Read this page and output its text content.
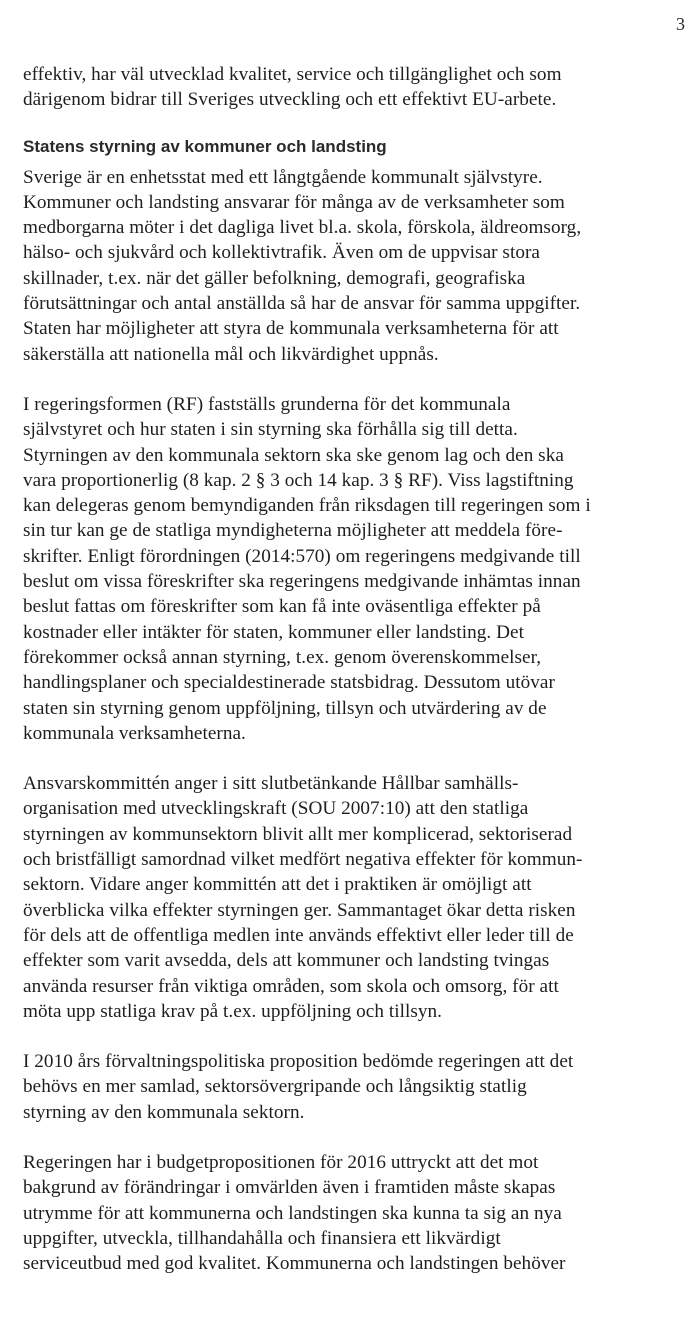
3

effektiv, har väl utvecklad kvalitet, service och tillgänglighet och som
därigenom bidrar till Sveriges utveckling och ett effektivt EU-arbete.

Statens styrning av kommuner och landsting

Sverige är en enhetsstat med ett långtgående kommunalt självstyre.
Kommuner och landsting ansvarar för många av de verksamheter som
medborgarna möter i det dagliga livet bl.a. skola, förskola, äldreomsorg,
hälso- och sjukvård och kollektivtrafik. Även om de uppvisar stora
skillnader, t.ex. när det gäller befolkning, demografi, geografiska
förutsättningar och antal anställda så har de ansvar för samma uppgifter.
Staten har möjligheter att styra de kommunala verksamheterna för att
säkerställa att nationella mål och likvärdighet uppnås.

I regeringsformen (RF) fastställs grunderna för det kommunala
självstyret och hur staten i sin styrning ska förhålla sig till detta.
Styrningen av den kommunala sektorn ska ske genom lag och den ska
vara proportionerlig (8 kap. 2 § 3 och 14 kap. 3 § RF). Viss lagstiftning
kan delegeras genom bemyndiganden från riksdagen till regeringen som i
sin tur kan ge de statliga myndigheterna möjligheter att meddela före-
skrifter. Enligt förordningen (2014:570) om regeringens medgivande till
beslut om vissa föreskrifter ska regeringens medgivande inhämtas innan
beslut fattas om föreskrifter som kan få inte oväsentliga effekter på
kostnader eller intäkter för staten, kommuner eller landsting. Det
förekommer också annan styrning, t.ex. genom överenskommelser,
handlingsplaner och specialdestinerade statsbidrag. Dessutom utövar
staten sin styrning genom uppföljning, tillsyn och utvärdering av de
kommunala verksamheterna.

Ansvarskommittén anger i sitt slutbetänkande Hållbar samhälls-
organisation med utvecklingskraft (SOU 2007:10) att den statliga
styrningen av kommunsektorn blivit allt mer komplicerad, sektoriserad
och bristfälligt samordnad vilket medfört negativa effekter för kommun-
sektorn. Vidare anger kommittén att det i praktiken är omöjligt att
överblicka vilka effekter styrningen ger. Sammantaget ökar detta risken
för dels att de offentliga medlen inte används effektivt eller leder till de
effekter som varit avsedda, dels att kommuner och landsting tvingas
använda resurser från viktiga områden, som skola och omsorg, för att
möta upp statliga krav på t.ex. uppföljning och tillsyn.

I 2010 års förvaltningspolitiska proposition bedömde regeringen att det
behövs en mer samlad, sektorsövergripande och långsiktig statlig
styrning av den kommunala sektorn.

Regeringen har i budgetpropositionen för 2016 uttryckt att det mot
bakgrund av förändringar i omvärlden även i framtiden måste skapas
utrymme för att kommunerna och landstingen ska kunna ta sig an nya
uppgifter, utveckla, tillhandahålla och finansiera ett likvärdigt
serviceutbud med god kvalitet. Kommunerna och landstingen behöver
